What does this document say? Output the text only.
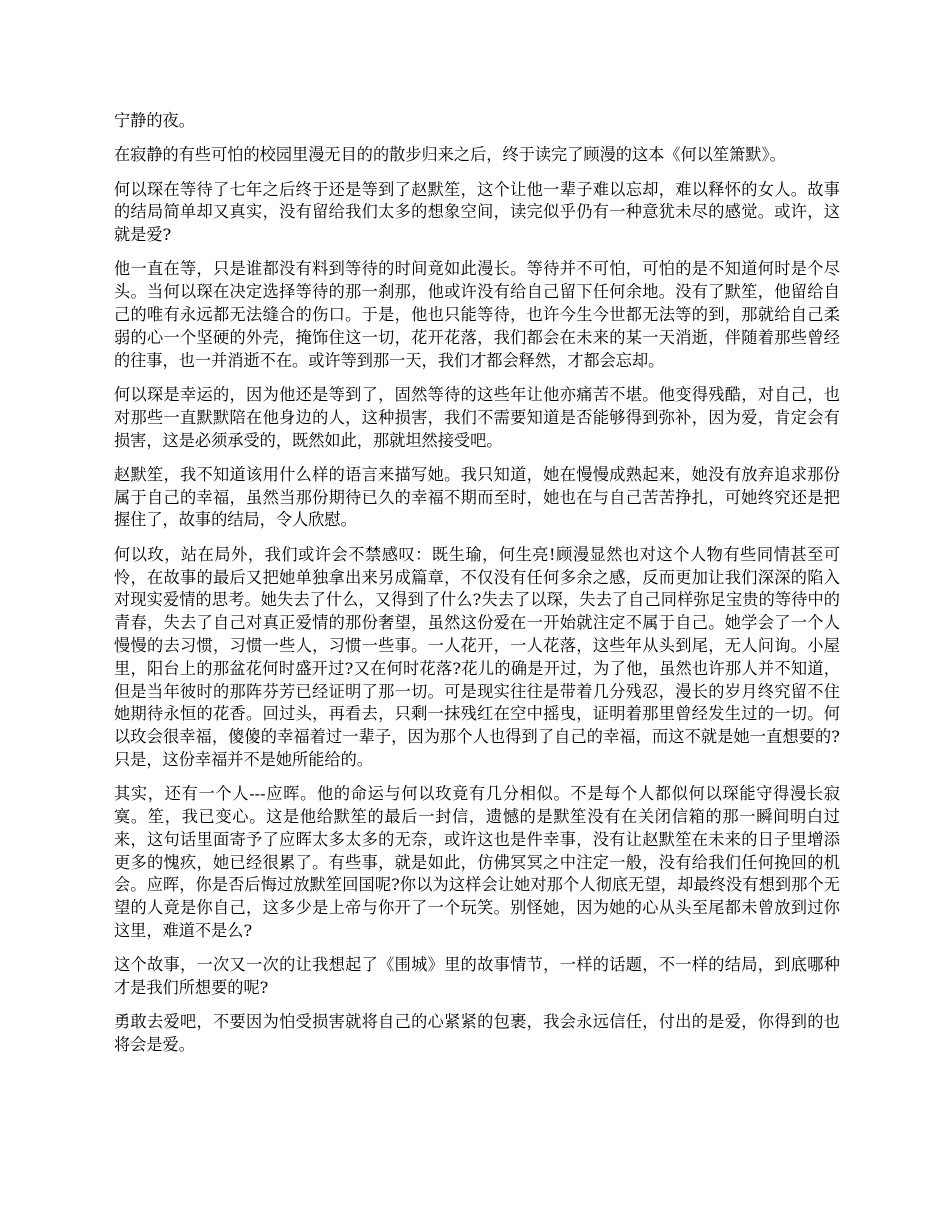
宁静的夜。

在寂静的有些可怕的校园里漫无目的的散步归来之后，终于读完了顾漫的这本《何以笙箫默》。

何以琛在等待了七年之后终于还是等到了赵默笙，这个让他一辈子难以忘却，难以释怀的女人。故事的结局简单却又真实，没有留给我们太多的想象空间，读完似乎仍有一种意犹未尽的感觉。或许，这就是爱?

他一直在等，只是谁都没有料到等待的时间竟如此漫长。等待并不可怕，可怕的是不知道何时是个尽头。当何以琛在决定选择等待的那一刹那，他或许没有给自己留下任何余地。没有了默笙，他留给自己的唯有永远都无法缝合的伤口。于是，他也只能等待，也许今生今世都无法等的到，那就给自己柔弱的心一个坚硬的外壳，掩饰住这一切，花开花落，我们都会在未来的某一天消逝，伴随着那些曾经的往事，也一并消逝不在。或许等到那一天，我们才都会释然，才都会忘却。

何以琛是幸运的，因为他还是等到了，固然等待的这些年让他亦痛苦不堪。他变得残酷，对自己，也对那些一直默默陪在他身边的人，这种损害，我们不需要知道是否能够得到弥补，因为爱，肯定会有损害，这是必须承受的，既然如此，那就坦然接受吧。

赵默笙，我不知道该用什么样的语言来描写她。我只知道，她在慢慢成熟起来，她没有放弃追求那份属于自己的幸福，虽然当那份期待已久的幸福不期而至时，她也在与自己苦苦挣扎，可她终究还是把握住了，故事的结局，令人欣慰。

何以玫，站在局外，我们或许会不禁感叹：既生瑜，何生亮!顾漫显然也对这个人物有些同情甚至可怜，在故事的最后又把她单独拿出来另成篇章，不仅没有任何多余之感，反而更加让我们深深的陷入对现实爱情的思考。她失去了什么，又得到了什么?失去了以琛，失去了自己同样弥足宝贵的等待中的青春，失去了自己对真正爱情的那份奢望，虽然这份爱在一开始就注定不属于自己。她学会了一个人慢慢的去习惯，习惯一些人，习惯一些事。一人花开，一人花落，这些年从头到尾，无人问询。小屋里，阳台上的那盆花何时盛开过?又在何时花落?花儿的确是开过，为了他，虽然也许那人并不知道，但是当年彼时的那阵芬芳已经证明了那一切。可是现实往往是带着几分残忍，漫长的岁月终究留不住她期待永恒的花香。回过头，再看去，只剩一抹残红在空中摇曳，证明着那里曾经发生过的一切。何以玫会很幸福，傻傻的幸福着过一辈子，因为那个人也得到了自己的幸福，而这不就是她一直想要的?只是，这份幸福并不是她所能给的。

其实，还有一个人---应晖。他的命运与何以玫竟有几分相似。不是每个人都似何以琛能守得漫长寂寞。笙，我已变心。这是他给默笙的最后一封信，遗憾的是默笙没有在关闭信箱的那一瞬间明白过来，这句话里面寄予了应晖太多太多的无奈，或许这也是件幸事，没有让赵默笙在未来的日子里增添更多的愧疚，她已经很累了。有些事，就是如此，仿佛冥冥之中注定一般，没有给我们任何挽回的机会。应晖，你是否后悔过放默笙回国呢?你以为这样会让她对那个人彻底无望，却最终没有想到那个无望的人竟是你自己，这多少是上帝与你开了一个玩笑。别怪她，因为她的心从头至尾都未曾放到过你这里，难道不是么?

这个故事，一次又一次的让我想起了《围城》里的故事情节，一样的话题，不一样的结局，到底哪种才是我们所想要的呢?

勇敢去爱吧，不要因为怕受损害就将自己的心紧紧的包裹，我会永远信任，付出的是爱，你得到的也将会是爱。
